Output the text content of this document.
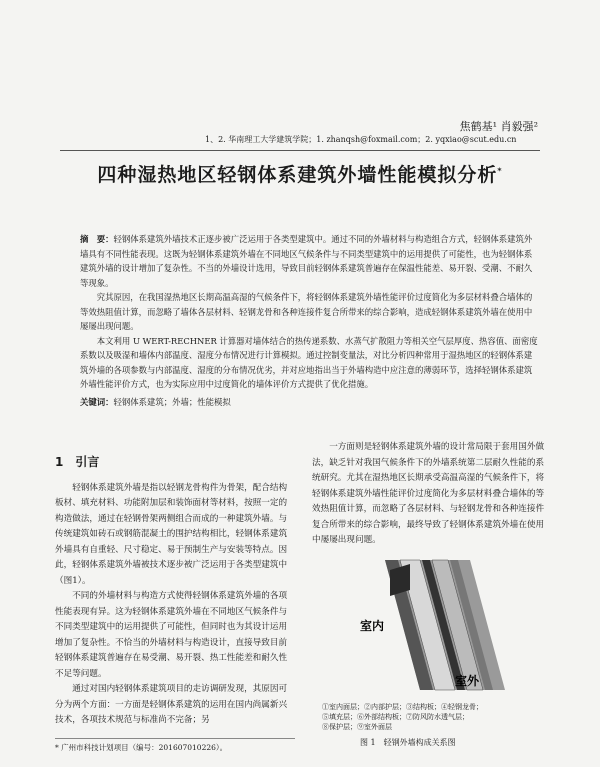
焦鹤基¹ 肖毅强²
1、2. 华南理工大学建筑学院；1. zhanqsh@foxmail.com；2. yqxiao@scut.edu.cn
四种湿热地区轻钢体系建筑外墙性能模拟分析*

摘　要：轻钢体系建筑外墙技术正逐步被广泛运用于各类型建筑中。通过不同的外墙材料与构造组合方式，轻钢体系建筑外墙具有不同性能表现。这既为轻钢体系建筑外墙在不同地区气候条件与不同类型建筑中的运用提供了可能性，也为轻钢体系建筑外墙的设计增加了复杂性。不当的外墙设计选用，导致目前轻钢体系建筑普遍存在保温性能差、易开裂、受潮、不耐久等现象。

究其原因，在我国湿热地区长期高温高湿的气候条件下，将轻钢体系建筑外墙性能评价过度简化为多层材料叠合墙体的等效热阻值计算，而忽略了墙体各层材料、轻钢龙骨和各种连接件复合所带来的综合影响，造成轻钢体系建筑外墙在使用中屡屡出现问题。

本文利用 U WERT-RECHNER 计算器对墙体结合的热传递系数、水蒸气扩散阻力等相关空气层厚度、热容值、面密度系数以及吸湿和墙体内部温度、湿度分布情况进行计算模拟。通过控制变量法，对比分析四种常用于湿热地区的轻钢体系建筑外墙的各项参数与内部温度、湿度的分布情况优劣，并对应地指出当于外墙构造中应注意的薄弱环节，选择轻钢体系建筑外墙性能评价方式，也为实际应用中过度简化的墙体评价方式提供了优化措施。

关键词：轻钢体系建筑；外墙；性能模拟
1 引言

轻钢体系建筑外墙是指以轻钢龙骨构件为骨架，配合结构板材、填充材料、功能附加层和装饰面材等材料，按照一定的构造做法，通过在轻钢骨架两侧组合而成的一种建筑外墙。与传统建筑如砖石或钢筋混凝土的围护结构相比，轻钢体系建筑外墙具有自重轻、尺寸稳定、易于预制生产与安装等特点。因此，轻钢体系建筑外墙被技术逐步被广泛运用于各类型建筑中（图1）。

不同的外墙材料与构造方式使得轻钢体系建筑外墙的各项性能表现有异。这为轻钢体系建筑外墙在不同地区气候条件与不同类型建筑中的运用提供了可能性，但同时也为其设计运用增加了复杂性。不恰当的外墙材料与构造设计，直接导致目前轻钢体系建筑普遍存在易受潮、易开裂、热工性能差和耐久性不足等问题。

通过对国内轻钢体系建筑项目的走访调研发现，其原因可分为两个方面：一方面是轻钢体系建筑的运用在国内尚属新兴技术，各项技术规范与标准尚不完备；另

一方面则是轻钢体系建筑外墙的设计常局限于套用国外做法，缺乏针对我国气候条件下的外墙系统第二层耐久性能的系统研究。尤其在湿热地区长期承受高温高湿的气候条件下，将轻钢体系建筑外墙性能评价过度简化为多层材料叠合墙体的等效热阻值计算，而忽略了各层材料、与轻钢龙骨和各种连接件复合所带来的综合影响，最终导致了轻钢体系建筑外墙在使用中屡屡出现问题。

室内
室外
①室内面层；②内部护层；③结构板；④轻钢龙骨；
⑤填充层；⑥外部结构板；⑦防风防水透气层；
⑧保护层；⑨室外面层
图 1　轻钢外墙构成关系图
* 广州市科技计划项目（编号：201607010226）。
